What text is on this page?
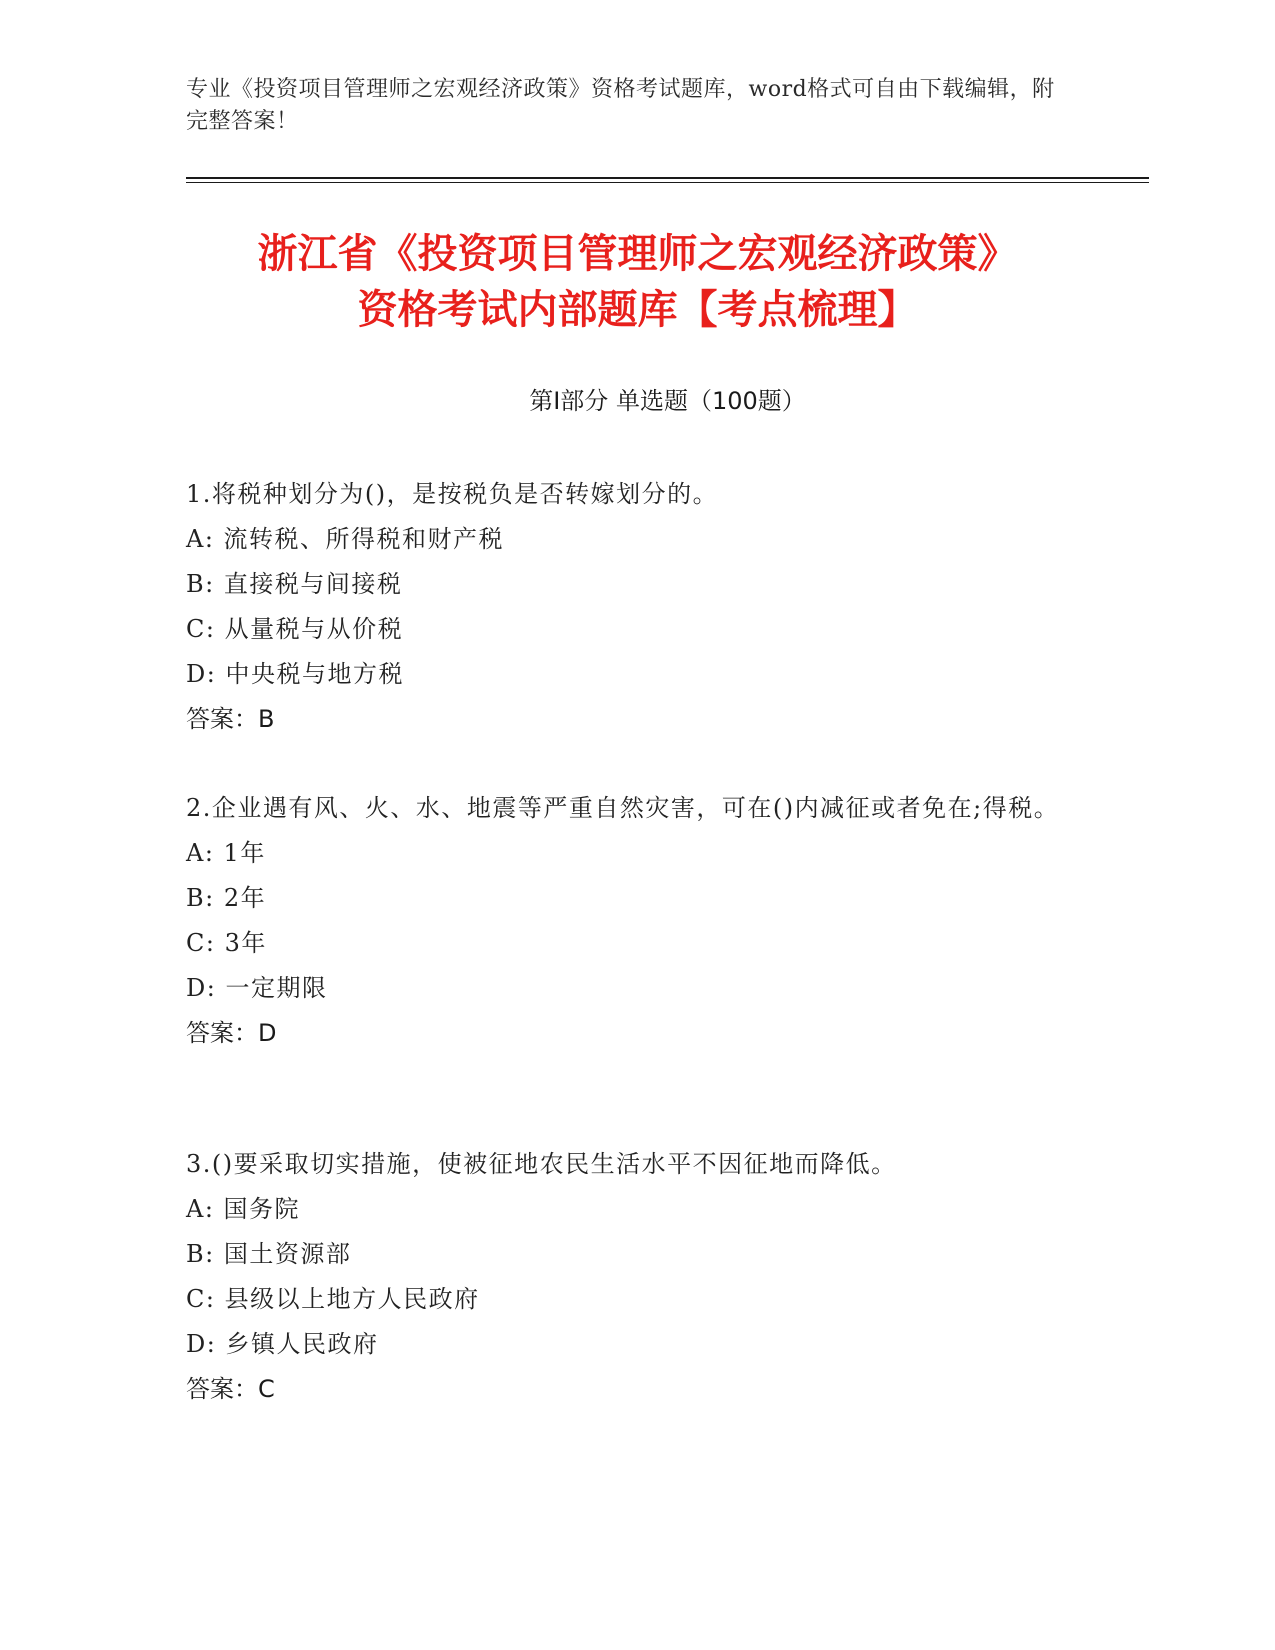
专业《投资项目管理师之宏观经济政策》资格考试题库，word格式可自由下载编辑，附完整答案！
浙江省《投资项目管理师之宏观经济政策》
资格考试内部题库【考点梳理】
第Ⅰ部分 单选题（100题）

1.将税种划分为()，是按税负是否转嫁划分的。

A: 流转税、所得税和财产税

B: 直接税与间接税

C: 从量税与从价税

D: 中央税与地方税

答案：B

2.企业遇有风、火、水、地震等严重自然灾害，可在()内减征或者免在;得税。

A: 1年

B: 2年

C: 3年

D: 一定期限

答案：D

3.()要采取切实措施，使被征地农民生活水平不因征地而降低。

A: 国务院

B: 国土资源部

C: 县级以上地方人民政府

D: 乡镇人民政府

答案：C
